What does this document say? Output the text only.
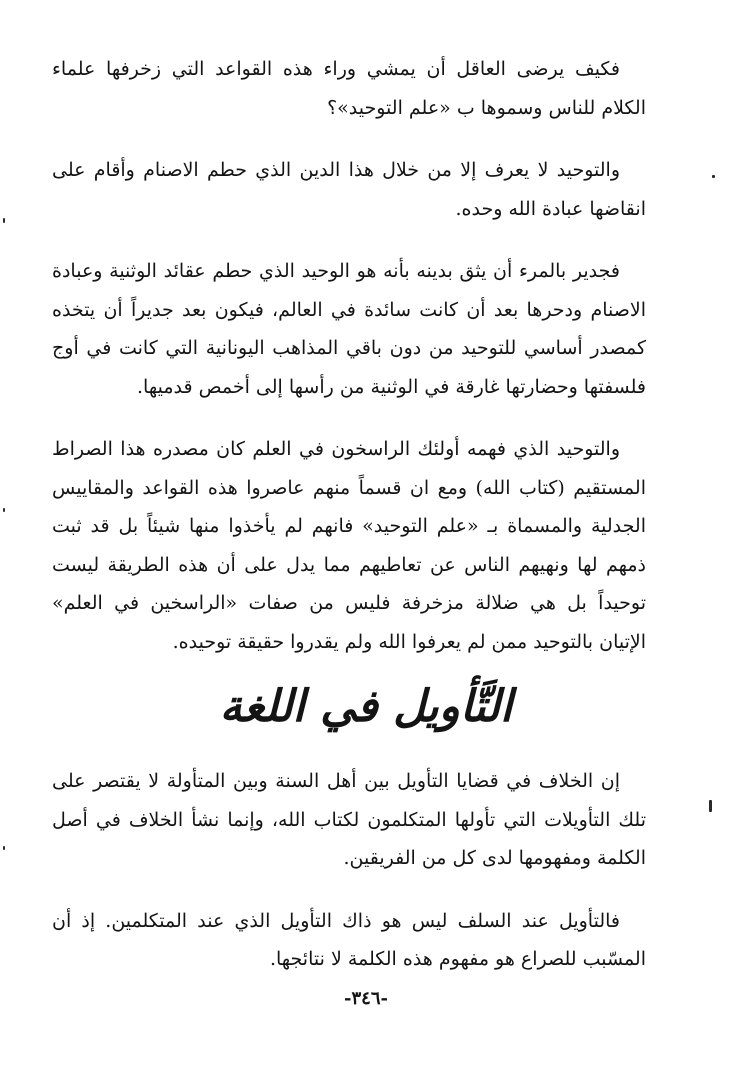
فكيف يرضى العاقل أن يمشي وراء هذه القواعد التي زخرفها علماء الكلام للناس وسموها ب «علم التوحيد»؟

والتوحيد لا يعرف إلا من خلال هذا الدين الذي حطم الاصنام وأقام على انقاضها عبادة الله وحده.

فجدير بالمرء أن يثق بدينه بأنه هو الوحيد الذي حطم عقائد الوثنية وعبادة الاصنام ودحرها بعد أن كانت سائدة في العالم، فيكون بعد جديراً أن يتخذه كمصدر أساسي للتوحيد من دون باقي المذاهب اليونانية التي كانت في أوج فلسفتها وحضارتها غارقة في الوثنية من رأسها إلى أخمص قدميها.

والتوحيد الذي فهمه أولئك الراسخون في العلم كان مصدره هذا الصراط المستقيم (كتاب الله) ومع ان قسماً منهم عاصروا هذه القواعد والمقاييس الجدلية والمسماة بـ «علم التوحيد» فانهم لم يأخذوا منها شيئاً بل قد ثبت ذمهم لها ونهيهم الناس عن تعاطيهم مما يدل على أن هذه الطريقة ليست توحيداً بل هي ضلالة مزخرفة فليس من صفات «الراسخين في العلم» الإتيان بالتوحيد ممن لم يعرفوا الله ولم يقدروا حقيقة توحيده.

التَّأويل في اللغة

إن الخلاف في قضايا التأويل بين أهل السنة وبين المتأولة لا يقتصر على تلك التأويلات التي تأولها المتكلمون لكتاب الله، وإنما نشأ الخلاف في أصل الكلمة ومفهومها لدى كل من الفريقين.

فالتأويل عند السلف ليس هو ذاك التأويل الذي عند المتكلمين. إذ أن المسّبب للصراع هو مفهوم هذه الكلمة لا نتائجها.

-٣٤٦-
